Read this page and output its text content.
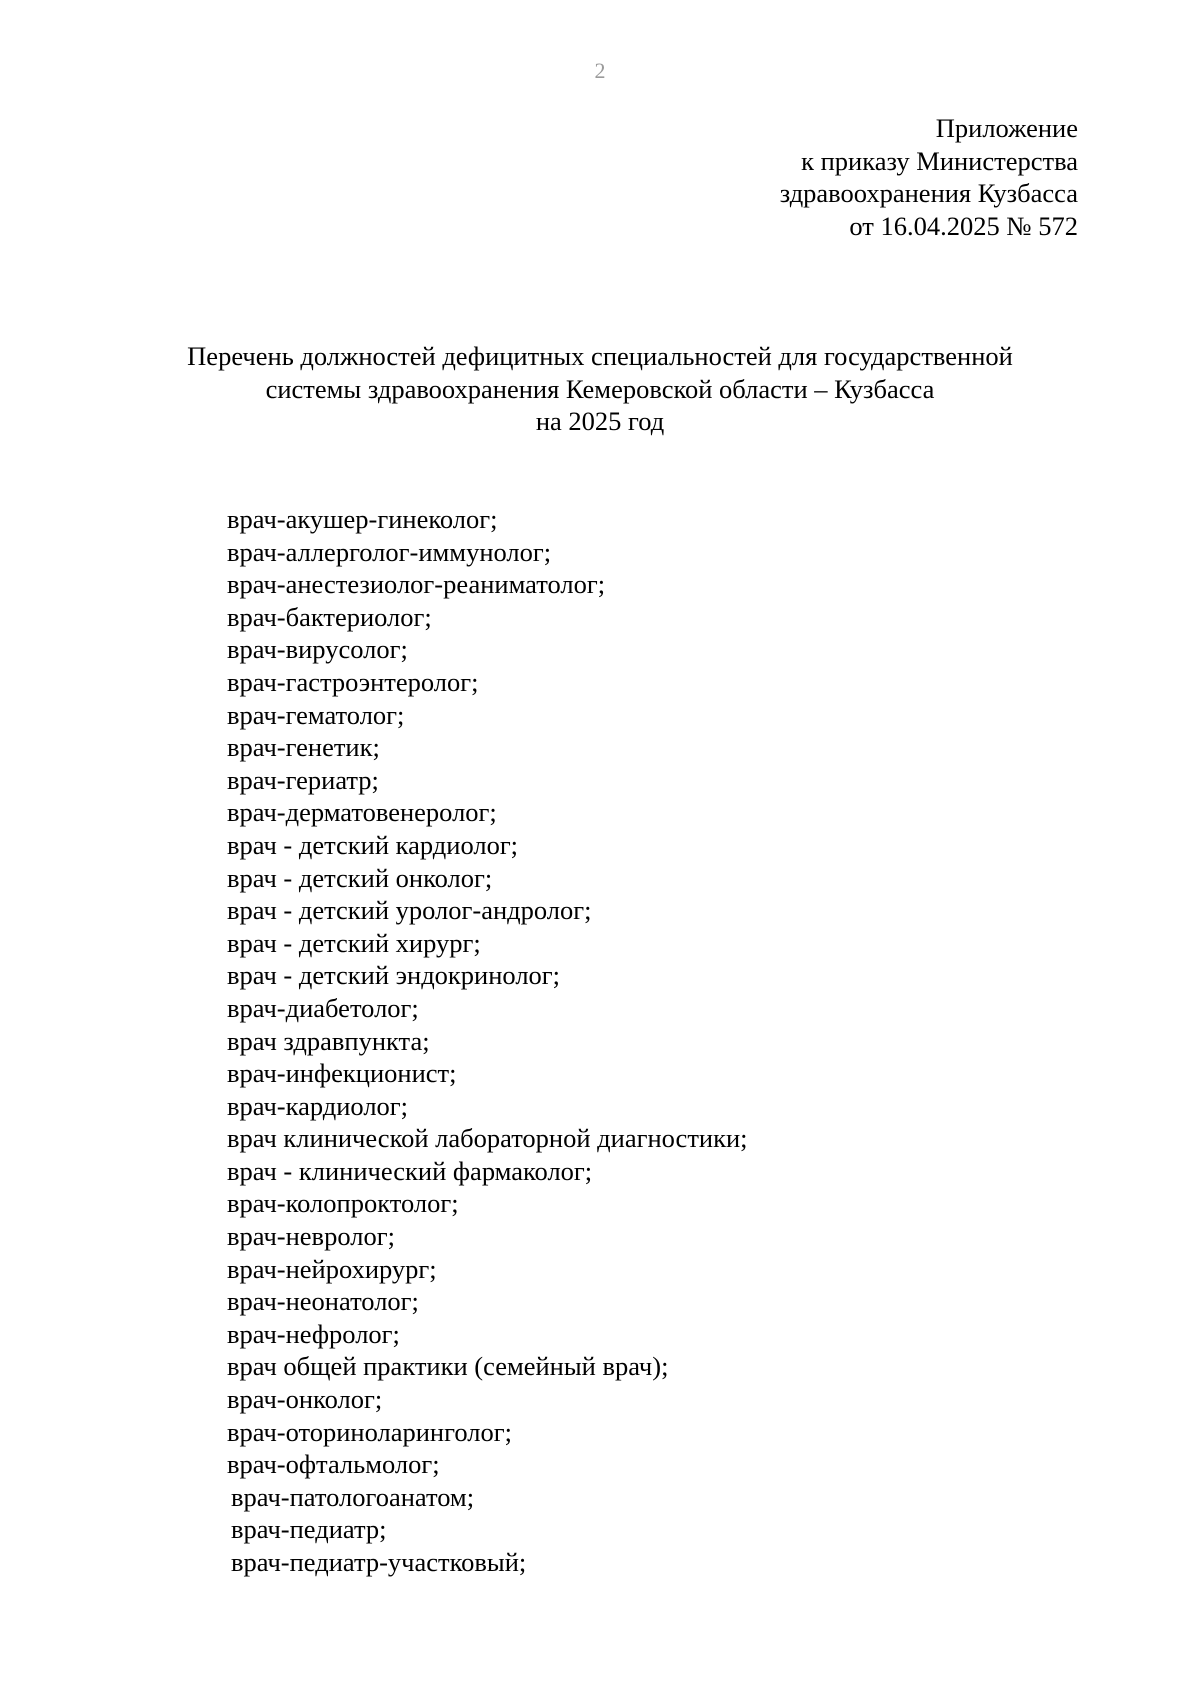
2
Приложение
к приказу Министерства
здравоохранения Кузбасса
от 16.04.2025 № 572
Перечень должностей дефицитных специальностей для государственной
системы здравоохранения Кемеровской области – Кузбасса
на 2025 год
врач-акушер-гинеколог;
врач-аллерголог-иммунолог;
врач-анестезиолог-реаниматолог;
врач-бактериолог;
врач-вирусолог;
врач-гастроэнтеролог;
врач-гематолог;
врач-генетик;
врач-гериатр;
врач-дерматовенеролог;
врач - детский кардиолог;
врач - детский онколог;
врач - детский уролог-андролог;
врач - детский хирург;
врач - детский эндокринолог;
врач-диабетолог;
врач здравпункта;
врач-инфекционист;
врач-кардиолог;
врач клинической лабораторной диагностики;
врач - клинический фармаколог;
врач-колопроктолог;
врач-невролог;
врач-нейрохирург;
врач-неонатолог;
врач-нефролог;
врач общей практики (семейный врач);
врач-онколог;
врач-оториноларинголог;
врач-офтальмолог;
врач-патологоанатом;
врач-педиатр;
врач-педиатр-участковый;
